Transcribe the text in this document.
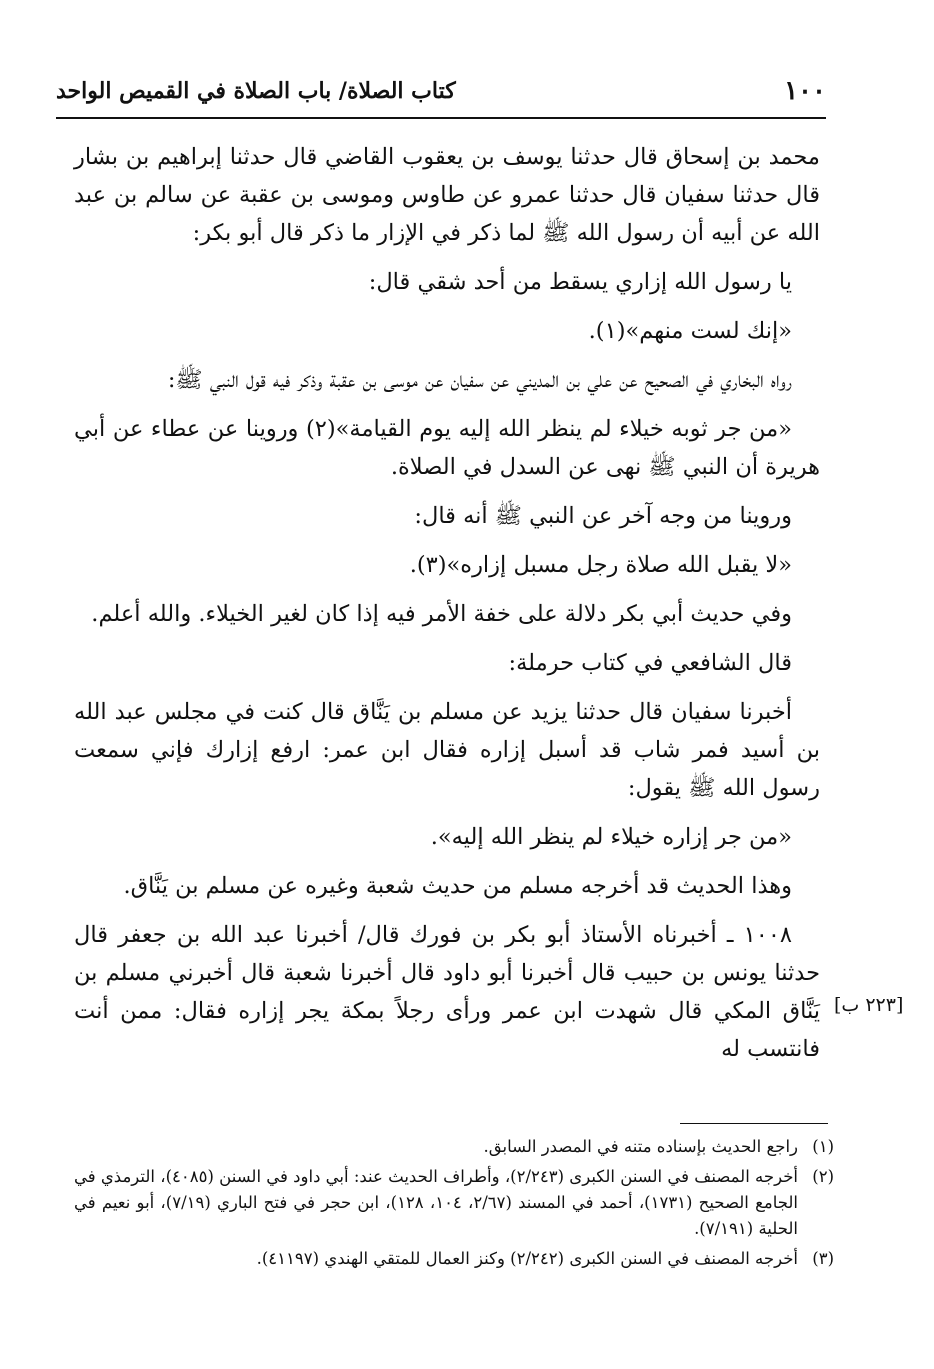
١٠٠
كتاب الصلاة/ باب الصلاة في القميص الواحد

محمد بن إسحاق قال حدثنا يوسف بن يعقوب القاضي قال حدثنا إبراهيم بن بشار قال حدثنا سفيان قال حدثنا عمرو عن طاوس وموسى بن عقبة عن سالم بن عبد الله عن أبيه أن رسول الله ﷺ لما ذكر في الإزار ما ذكر قال أبو بكر:

يا رسول الله إزاري يسقط من أحد شقي قال:

«إنك لست منهم»(١).

رواه البخاري في الصحيح عن علي بن المديني عن سفيان عن موسى بن عقبة وذكر فيه قول النبي ﷺ:

«من جر ثوبه خيلاء لم ينظر الله إليه يوم القيامة»(٢) وروينا عن عطاء عن أبي هريرة أن النبي ﷺ نهى عن السدل في الصلاة.

وروينا من وجه آخر عن النبي ﷺ أنه قال:

«لا يقبل الله صلاة رجل مسبل إزاره»(٣).

وفي حديث أبي بكر دلالة على خفة الأمر فيه إذا كان لغير الخيلاء. والله أعلم.

قال الشافعي في كتاب حرملة:

أخبرنا سفيان قال حدثنا يزيد عن مسلم بن يَنَّاق قال كنت في مجلس عبد الله بن أسيد فمر شاب قد أسبل إزاره فقال ابن عمر: ارفع إزارك فإني سمعت رسول الله ﷺ يقول:

«من جر إزاره خيلاء لم ينظر الله إليه».

وهذا الحديث قد أخرجه مسلم من حديث شعبة وغيره عن مسلم بن يَنَّاق.

١٠٠٨ ـ أخبرناه الأستاذ أبو بكر بن فورك قال/ أخبرنا عبد الله بن جعفر قال حدثنا يونس بن حبيب قال أخبرنا أبو داود قال أخبرنا شعبة قال أخبرني مسلم بن يَنَّاق المكي قال شهدت ابن عمر ورأى رجلاً بمكة يجر إزاره فقال: ممن أنت فانتسب له

[٢٢٣ ب]
(١)
راجع الحديث بإسناده متنه في المصدر السابق.
(٢)
أخرجه المصنف في السنن الكبرى (٢/٢٤٣)، وأطراف الحديث عند: أبي داود في السنن (٤٠٨٥)، الترمذي في الجامع الصحيح (١٧٣١)، أحمد في المسند (٢/٦٧، ١٠٤، ١٢٨)، ابن حجر في فتح الباري (٧/١٩)، أبو نعيم في الحلية (٧/١٩١).
(٣)
أخرجه المصنف في السنن الكبرى (٢/٢٤٢) وكنز العمال للمتقي الهندي (٤١١٩٧).
